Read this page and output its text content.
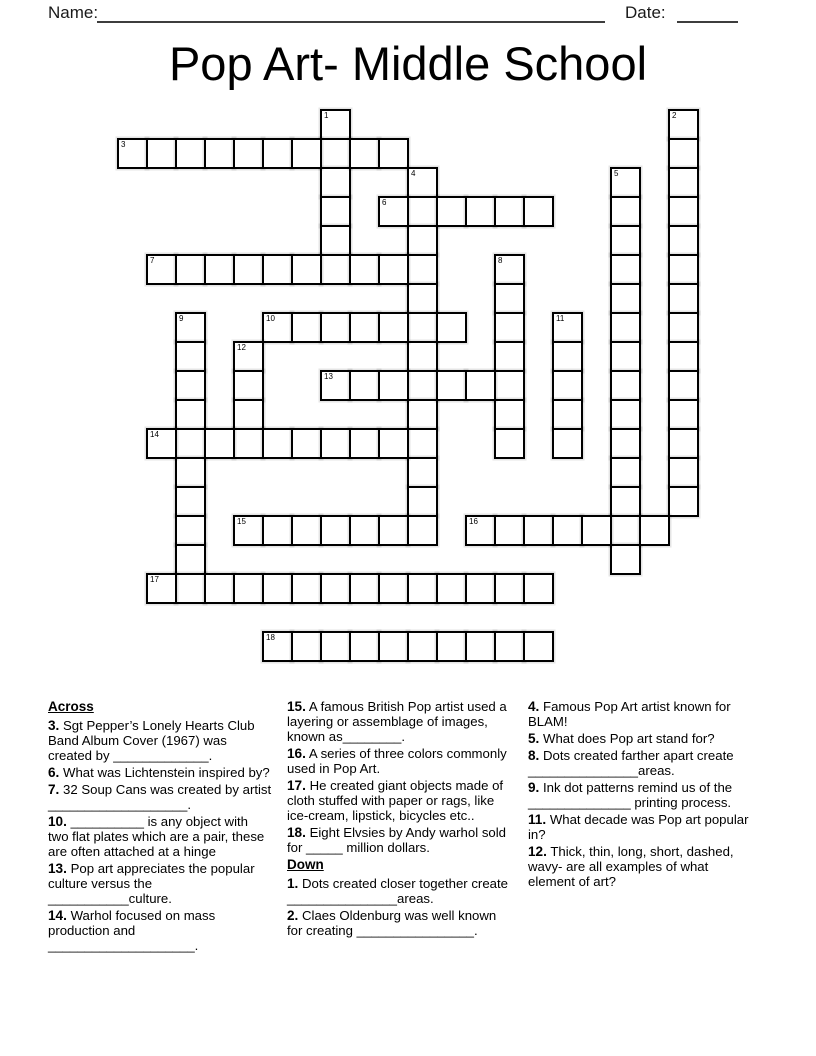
Name:	Date:
Pop Art- Middle School
1	2
3
4	5
6
7	8
9	10	11
12
13
14
15	16
17
18
Across

3. Sgt Pepper’s Lonely Hearts Club Band Album Cover (1967) was created by _____________.

6. What was Lichtenstein inspired by?

7. 32 Soup Cans was created by artist ___________________.

10. __________ is any object with two flat plates which are a pair, these are often attached at a hinge

13. Pop art appreciates the popular culture versus the ___________culture.

14. Warhol focused on mass production and ____________________.

15. A famous British Pop artist used a layering or assemblage of images, known as________.

16. A series of three colors commonly used in Pop Art.

17. He created giant objects made of cloth stuffed with paper or rags, like ice-cream, lipstick, bicycles etc..

18. Eight Elvsies by Andy warhol sold for _____ million dollars.

Down

1. Dots created closer together create _______________areas.

2. Claes Oldenburg was well known for creating ________________.

4. Famous Pop Art artist known for BLAM!

5. What does Pop art stand for?

8. Dots created farther apart create _______________areas.

9. Ink dot patterns remind us of the ______________ printing process.

11. What decade was Pop art popular in?

12. Thick, thin, long, short, dashed, wavy- are all examples of what element of art?
